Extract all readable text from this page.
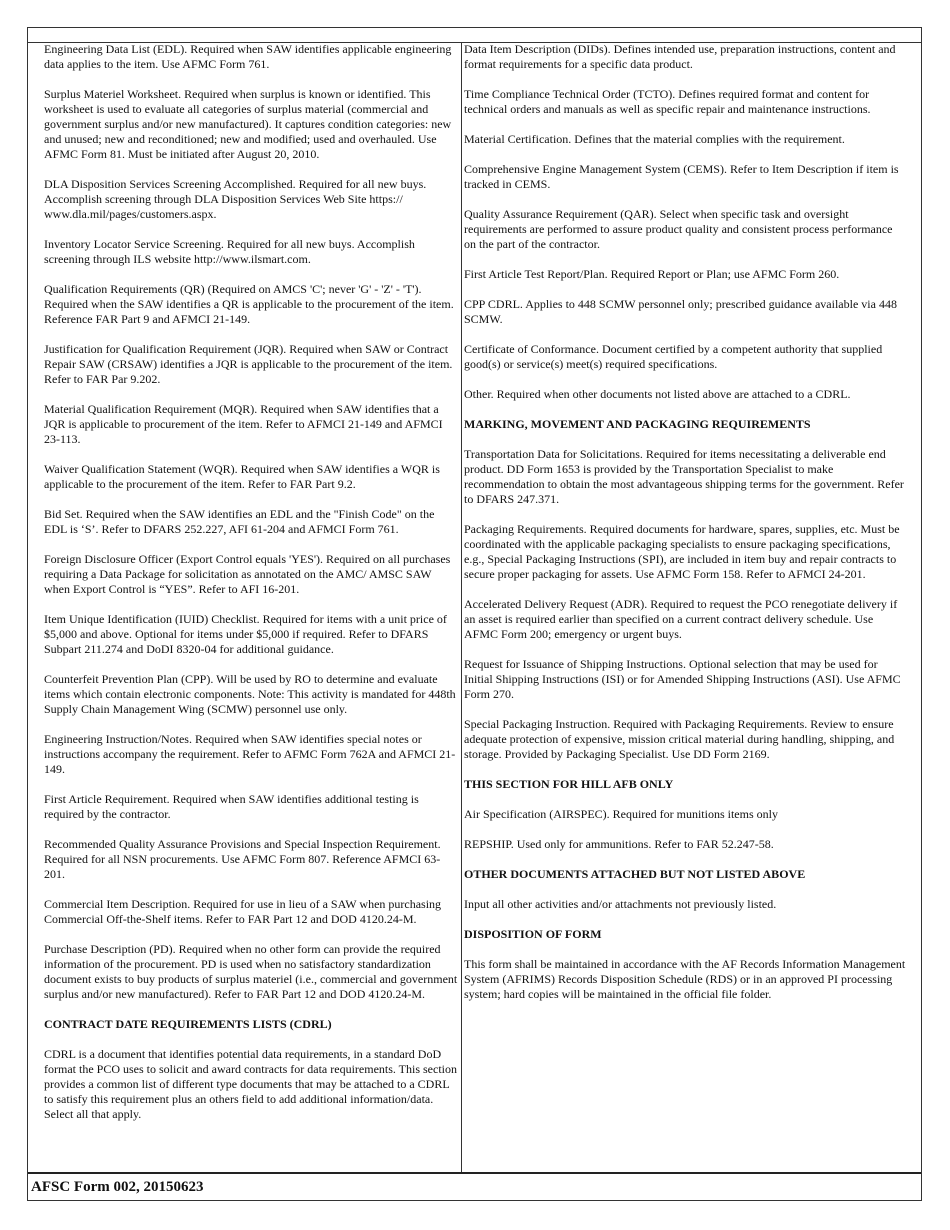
Engineering Data List (EDL). Required when SAW identifies applicable engineering data applies to the item. Use AFMC Form 761.

Surplus Materiel Worksheet. Required when surplus is known or identified. This worksheet is used to evaluate all categories of surplus material (commercial and government surplus and/or new manufactured). It captures condition categories: new and unused; new and reconditioned; new and modified; used and overhauled. Use AFMC Form 81. Must be initiated after August 20, 2010.

DLA Disposition Services Screening Accomplished. Required for all new buys. Accomplish screening through DLA Disposition Services Web Site https:// www.dla.mil/pages/customers.aspx.

Inventory Locator Service Screening. Required for all new buys. Accomplish screening through ILS website http://www.ilsmart.com.

Qualification Requirements (QR) (Required on AMCS 'C'; never 'G' - 'Z' - 'T'). Required when the SAW identifies a QR is applicable to the procurement of the item. Reference FAR Part 9 and AFMCI 21-149.

Justification for Qualification Requirement (JQR). Required when SAW or Contract Repair SAW (CRSAW) identifies a JQR is applicable to the procurement of the item. Refer to FAR Par 9.202.

Material Qualification Requirement (MQR). Required when SAW identifies that a JQR is applicable to procurement of the item. Refer to AFMCI 21-149 and AFMCI 23-113.

Waiver Qualification Statement (WQR). Required when SAW identifies a WQR is applicable to the procurement of the item. Refer to FAR Part 9.2.

Bid Set. Required when the SAW identifies an EDL and the "Finish Code" on the EDL is ‘S’. Refer to DFARS 252.227, AFI 61-204 and AFMCI Form 761.

Foreign Disclosure Officer (Export Control equals 'YES'). Required on all purchases requiring a Data Package for solicitation as annotated on the AMC/ AMSC SAW when Export Control is “YES”. Refer to AFI 16-201.

Item Unique Identification (IUID) Checklist. Required for items with a unit price of $5,000 and above. Optional for items under $5,000 if required. Refer to DFARS Subpart 211.274 and DoDI 8320-04 for additional guidance.

Counterfeit Prevention Plan (CPP). Will be used by RO to determine and evaluate items which contain electronic components. Note: This activity is mandated for 448th Supply Chain Management Wing (SCMW) personnel use only.

Engineering Instruction/Notes. Required when SAW identifies special notes or instructions accompany the requirement. Refer to AFMC Form 762A and AFMCI 21-149.

First Article Requirement. Required when SAW identifies additional testing is required by the contractor.

Recommended Quality Assurance Provisions and Special Inspection Requirement. Required for all NSN procurements. Use AFMC Form 807. Reference AFMCI 63-201.

Commercial Item Description. Required for use in lieu of a SAW when purchasing Commercial Off-the-Shelf items. Refer to FAR Part 12 and DOD 4120.24-M.

Purchase Description (PD). Required when no other form can provide the required information of the procurement. PD is used when no satisfactory standardization document exists to buy products of surplus materiel (i.e., commercial and government surplus and/or new manufactured). Refer to FAR Part 12 and DOD 4120.24-M.

CONTRACT DATE REQUIREMENTS LISTS (CDRL)

CDRL is a document that identifies potential data requirements, in a standard DoD format the PCO uses to solicit and award contracts for data requirements. This section provides a common list of different type documents that may be attached to a CDRL to satisfy this requirement plus an others field to add additional information/data. Select all that apply.

Data Item Description (DIDs). Defines intended use, preparation instructions, content and format requirements for a specific data product.

Time Compliance Technical Order (TCTO). Defines required format and content for technical orders and manuals as well as specific repair and maintenance instructions.

Material Certification. Defines that the material complies with the requirement.

Comprehensive Engine Management System (CEMS). Refer to Item Description if item is tracked in CEMS.

Quality Assurance Requirement (QAR). Select when specific task and oversight requirements are performed to assure product quality and consistent process performance on the part of the contractor.

First Article Test Report/Plan. Required Report or Plan; use AFMC Form 260.

CPP CDRL. Applies to 448 SCMW personnel only; prescribed guidance available via 448 SCMW.

Certificate of Conformance. Document certified by a competent authority that supplied good(s) or service(s) meet(s) required specifications.

Other. Required when other documents not listed above are attached to a CDRL.

MARKING, MOVEMENT AND PACKAGING REQUIREMENTS

Transportation Data for Solicitations. Required for items necessitating a deliverable end product. DD Form 1653 is provided by the Transportation Specialist to make recommendation to obtain the most advantageous shipping terms for the government. Refer to DFARS 247.371.

Packaging Requirements. Required documents for hardware, spares, supplies, etc. Must be coordinated with the applicable packaging specialists to ensure packaging specifications, e.g., Special Packaging Instructions (SPI), are included in item buy and repair contracts to secure proper packaging for assets. Use AFMC Form 158. Refer to AFMCI 24-201.

Accelerated Delivery Request (ADR). Required to request the PCO renegotiate delivery if an asset is required earlier than specified on a current contract delivery schedule. Use AFMC Form 200; emergency or urgent buys.

Request for Issuance of Shipping Instructions. Optional selection that may be used for Initial Shipping Instructions (ISI) or for Amended Shipping Instructions (ASI). Use AFMC Form 270.

Special Packaging Instruction. Required with Packaging Requirements. Review to ensure adequate protection of expensive, mission critical material during handling, shipping, and storage. Provided by Packaging Specialist. Use DD Form 2169.

THIS SECTION FOR HILL AFB ONLY

Air Specification (AIRSPEC). Required for munitions items only

REPSHIP. Used only for ammunitions. Refer to FAR 52.247-58.

OTHER DOCUMENTS ATTACHED BUT NOT LISTED ABOVE

Input all other activities and/or attachments not previously listed.

DISPOSITION OF FORM

This form shall be maintained in accordance with the AF Records Information Management System (AFRIMS) Records Disposition Schedule (RDS) or in an approved PI processing system; hard copies will be maintained in the official file folder.

AFSC Form 002, 20150623
